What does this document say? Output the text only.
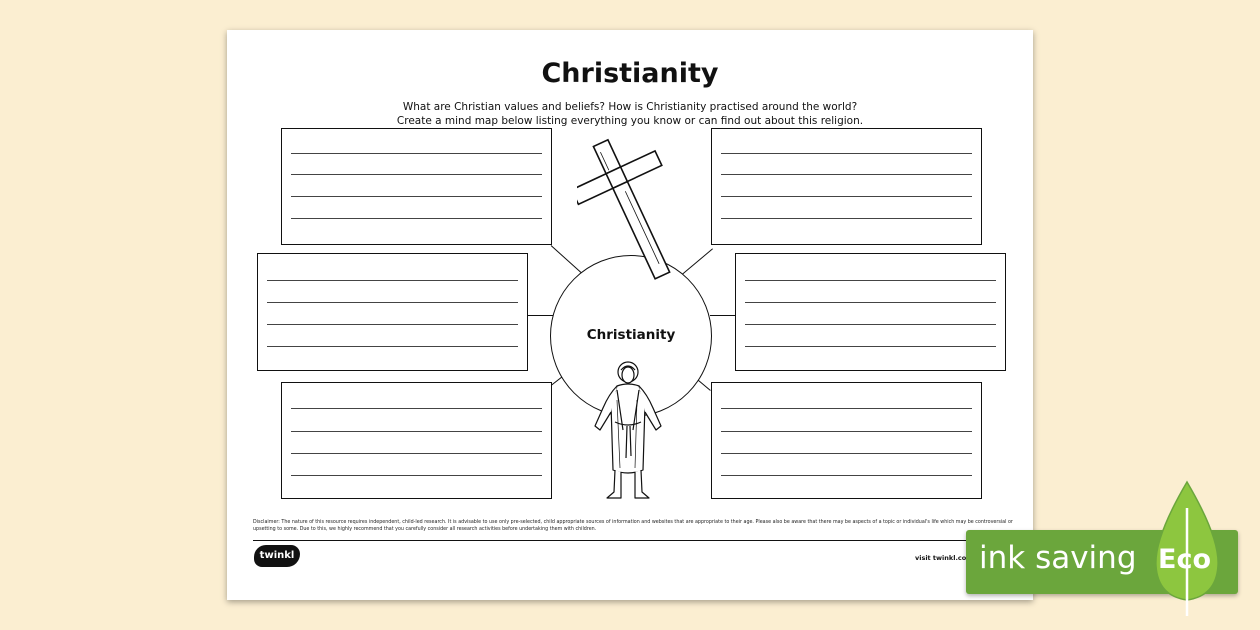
Christianity
What are Christian values and beliefs? How is Christianity practised around the world?
Create a mind map below listing everything you know or can find out about this religion.
Christianity
Disclaimer: The nature of this resource requires independent, child-led research. It is advisable to use only pre-selected, child appropriate sources of information and websites that are appropriate to their age. Please also be aware that there may be aspects of a topic or individual's life which may be controversial or upsetting to some. Due to this, we highly recommend that you carefully consider all research activities before undertaking them with children.
twinkl	visit twinkl.co ink saving Eco
